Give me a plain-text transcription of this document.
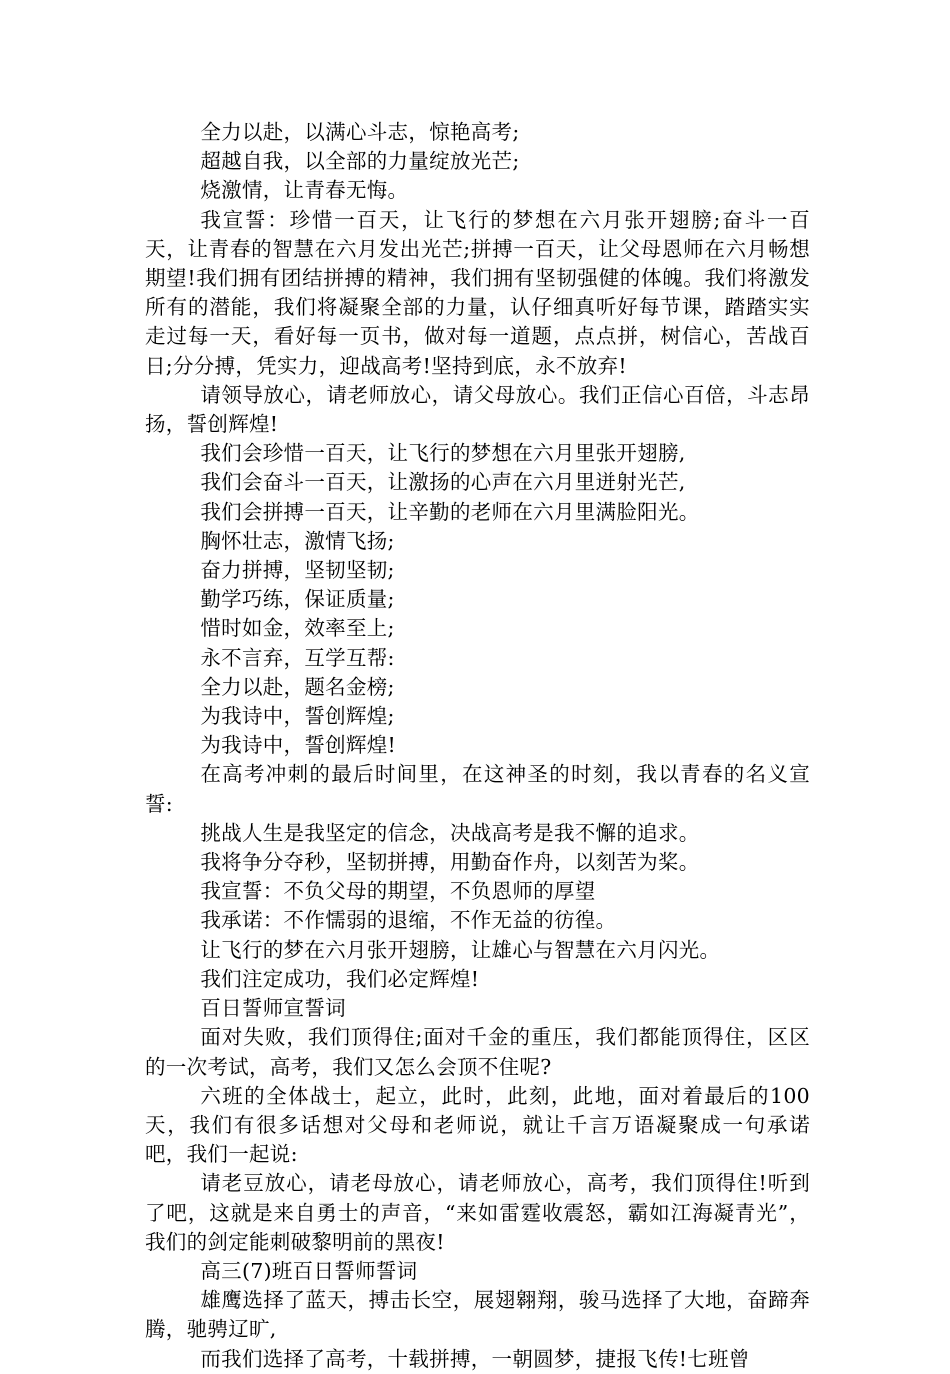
全力以赴，以满心斗志，惊艳高考;

超越自我，以全部的力量绽放光芒;

烧激情，让青春无悔。

我宣誓：珍惜一百天，让飞行的梦想在六月张开翅膀;奋斗一百天，让青春的智慧在六月发出光芒;拼搏一百天，让父母恩师在六月畅想期望!我们拥有团结拼搏的精神，我们拥有坚韧强健的体魄。我们将激发所有的潜能，我们将凝聚全部的力量，认仔细真听好每节课，踏踏实实走过每一天，看好每一页书，做对每一道题，点点拼，树信心，苦战百日;分分搏，凭实力，迎战高考!坚持到底，永不放弃!

请领导放心，请老师放心，请父母放心。我们正信心百倍，斗志昂扬，誓创辉煌!

我们会珍惜一百天，让飞行的梦想在六月里张开翅膀,

我们会奋斗一百天，让激扬的心声在六月里迸射光芒,

我们会拼搏一百天，让辛勤的老师在六月里满脸阳光。

胸怀壮志，激情飞扬;

奋力拼搏，坚韧坚韧;

勤学巧练，保证质量;

惜时如金，效率至上;

永不言弃，互学互帮:

全力以赴，题名金榜;

为我诗中，誓创辉煌;

为我诗中，誓创辉煌!

在高考冲刺的最后时间里，在这神圣的时刻，我以青春的名义宣誓:

挑战人生是我坚定的信念，决战高考是我不懈的追求。

我将争分夺秒，坚韧拼搏，用勤奋作舟，以刻苦为桨。

我宣誓：不负父母的期望，不负恩师的厚望

我承诺：不作懦弱的退缩，不作无益的彷徨。

让飞行的梦在六月张开翅膀，让雄心与智慧在六月闪光。

我们注定成功，我们必定辉煌!

百日誓师宣誓词

面对失败，我们顶得住;面对千金的重压，我们都能顶得住，区区的一次考试，高考，我们又怎么会顶不住呢?

六班的全体战士，起立，此时，此刻，此地，面对着最后的100天，我们有很多话想对父母和老师说，就让千言万语凝聚成一句承诺吧，我们一起说:

请老豆放心，请老母放心，请老师放心，高考，我们顶得住!听到了吧，这就是来自勇士的声音，“来如雷霆收震怒，霸如江海凝青光”，我们的剑定能刺破黎明前的黑夜!

高三(7)班百日誓师誓词

雄鹰选择了蓝天，搏击长空，展翅翱翔，骏马选择了大地，奋蹄奔腾，驰骋辽旷,

而我们选择了高考，十载拼搏，一朝圆梦，捷报飞传!七班曾
